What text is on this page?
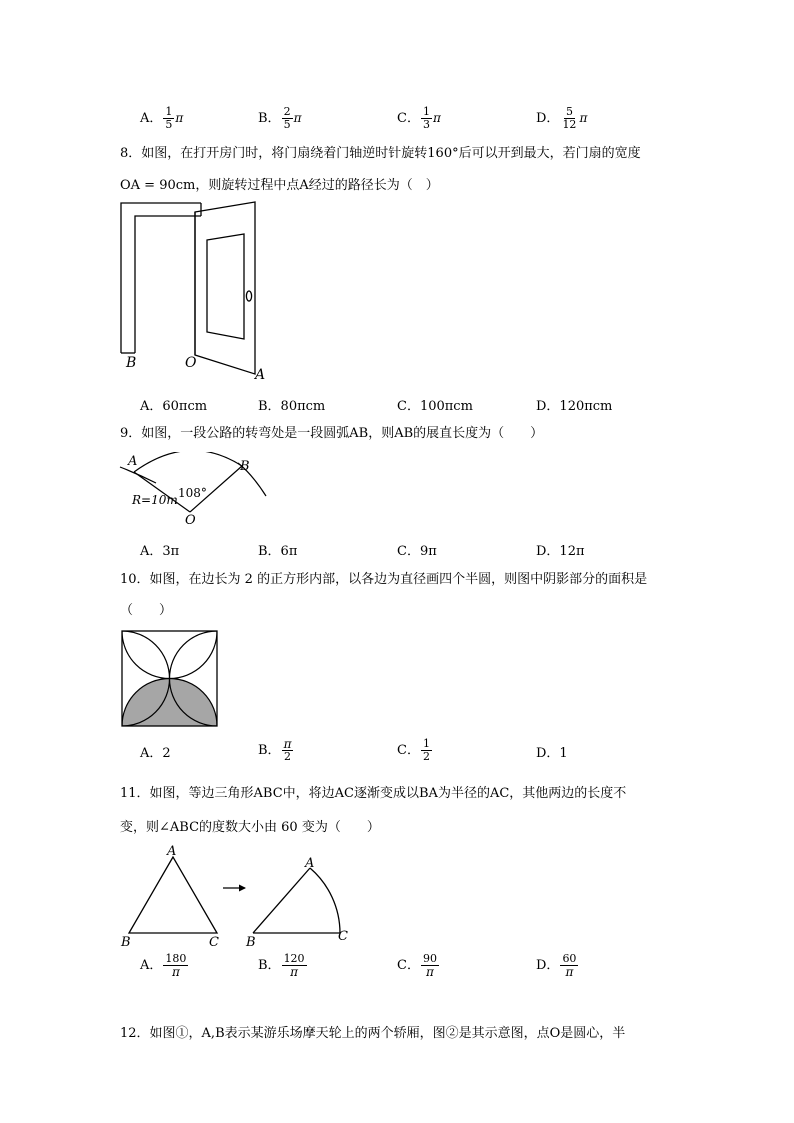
A． $\frac{1}{5}$ π	B． $\frac{2}{5}$ π	C． $\frac{1}{3}$ π	D． $\frac{5}{12}$ π
8．如图，在打开房门时，将门扇绕着门轴逆时针旋转160°后可以开到最大，若门扇的宽度
OA = 90cm，则旋转过程中点A经过的路径长为（　）
B	O
A
A．60πcm	B．80πcm	C．100πcm	D．120πcm
9．如图，一段公路的转弯处是一段圆弧AB，则AB的展直长度为（　　）
A	B
108°
R=10m
O
A．3π	B．6π	C．9π	D．12π
10．如图，在边长为 2 的正方形内部，以各边为直径画四个半圆，则图中阴影部分的面积是
（　　）
A．2	B． $\frac{\pi}{2}$	C． $\frac{1}{2}$	D．1
11．如图，等边三角形ABC中，将边AC逐渐变成以BA为半径的AC，其他两边的长度不
变，则∠ABC的度数大小由 60 变为（　　）
A
B	C
A
B	C
A． $\frac{180}{\pi}$	B． $\frac{120}{\pi}$	C． $\frac{90}{\pi}$	D． $\frac{60}{\pi}$
12．如图①，A,B表示某游乐场摩天轮上的两个轿厢，图②是其示意图，点O是圆心，半
